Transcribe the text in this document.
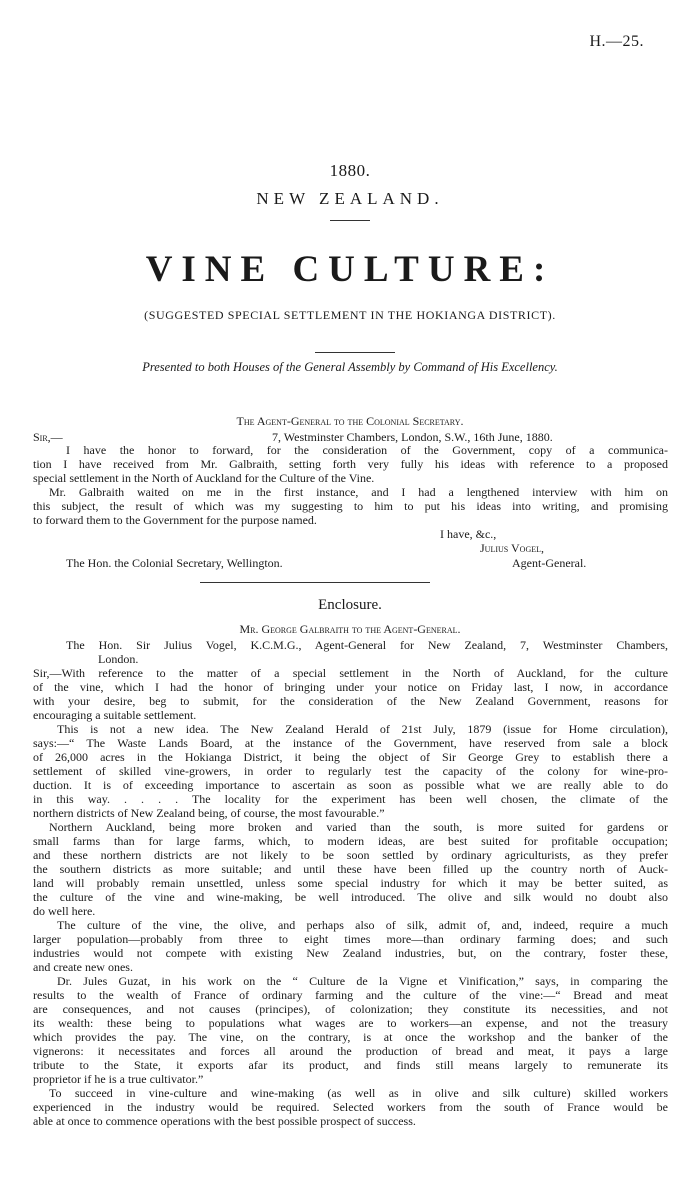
H.—25.
1880.
NEW ZEALAND.
VINE CULTURE:
(SUGGESTED SPECIAL SETTLEMENT IN THE HOKIANGA DISTRICT).
Presented to both Houses of the General Assembly by Command of His Excellency.
The Agent-General to the Colonial Secretary.
Sir,—	7, Westminster Chambers, London, S.W., 16th June, 1880.
I have the honor to forward, for the consideration of the Government, copy of a communica-
tion I have received from Mr. Galbraith, setting forth very fully his ideas with reference to a proposed
special settlement in the North of Auckland for the Culture of the Vine.
Mr. Galbraith waited on me in the first instance, and I had a lengthened interview with him on
this subject, the result of which was my suggesting to him to put his ideas into writing, and promising
to forward them to the Government for the purpose named.
I have, &c.,
Julius Vogel,
The Hon. the Colonial Secretary, Wellington.	Agent-General.
Enclosure.
Mr. George Galbraith to the Agent-General.
The Hon. Sir Julius Vogel, K.C.M.G., Agent-General for New Zealand, 7, Westminster Chambers,
London.
Sir,—With reference to the matter of a special settlement in the North of Auckland, for the culture
of the vine, which I had the honor of bringing under your notice on Friday last, I now, in accordance
with your desire, beg to submit, for the consideration of the New Zealand Government, reasons for
encouraging a suitable settlement.
This is not a new idea. The New Zealand Herald of 21st July, 1879 (issue for Home circulation),
says:—“ The Waste Lands Board, at the instance of the Government, have reserved from sale a block
of 26,000 acres in the Hokianga District, it being the object of Sir George Grey to establish there a
settlement of skilled vine-growers, in order to regularly test the capacity of the colony for wine-pro-
duction. It is of exceeding importance to ascertain as soon as possible what we are really able to do
in this way. . . . . The locality for the experiment has been well chosen, the climate of the
northern districts of New Zealand being, of course, the most favourable.”
Northern Auckland, being more broken and varied than the south, is more suited for gardens or
small farms than for large farms, which, to modern ideas, are best suited for profitable occupation;
and these northern districts are not likely to be soon settled by ordinary agriculturists, as they prefer
the southern districts as more suitable; and until these have been filled up the country north of Auck-
land will probably remain unsettled, unless some special industry for which it may be better suited, as
the culture of the vine and wine-making, be well introduced. The olive and silk would no doubt also
do well here.
The culture of the vine, the olive, and perhaps also of silk, admit of, and, indeed, require a much
larger population—probably from three to eight times more—than ordinary farming does; and such
industries would not compete with existing New Zealand industries, but, on the contrary, foster these,
and create new ones.
Dr. Jules Guzat, in his work on the “ Culture de la Vigne et Vinification,” says, in comparing the
results to the wealth of France of ordinary farming and the culture of the vine:—“ Bread and meat
are consequences, and not causes (principes), of colonization; they constitute its necessities, and not
its wealth: these being to populations what wages are to workers—an expense, and not the treasury
which provides the pay. The vine, on the contrary, is at once the workshop and the banker of the
vignerons: it necessitates and forces all around the production of bread and meat, it pays a large
tribute to the State, it exports afar its product, and finds still means largely to remunerate its
proprietor if he is a true cultivator.”
To succeed in vine-culture and wine-making (as well as in olive and silk culture) skilled workers
experienced in the industry would be required. Selected workers from the south of France would be
able at once to commence operations with the best possible prospect of success.
